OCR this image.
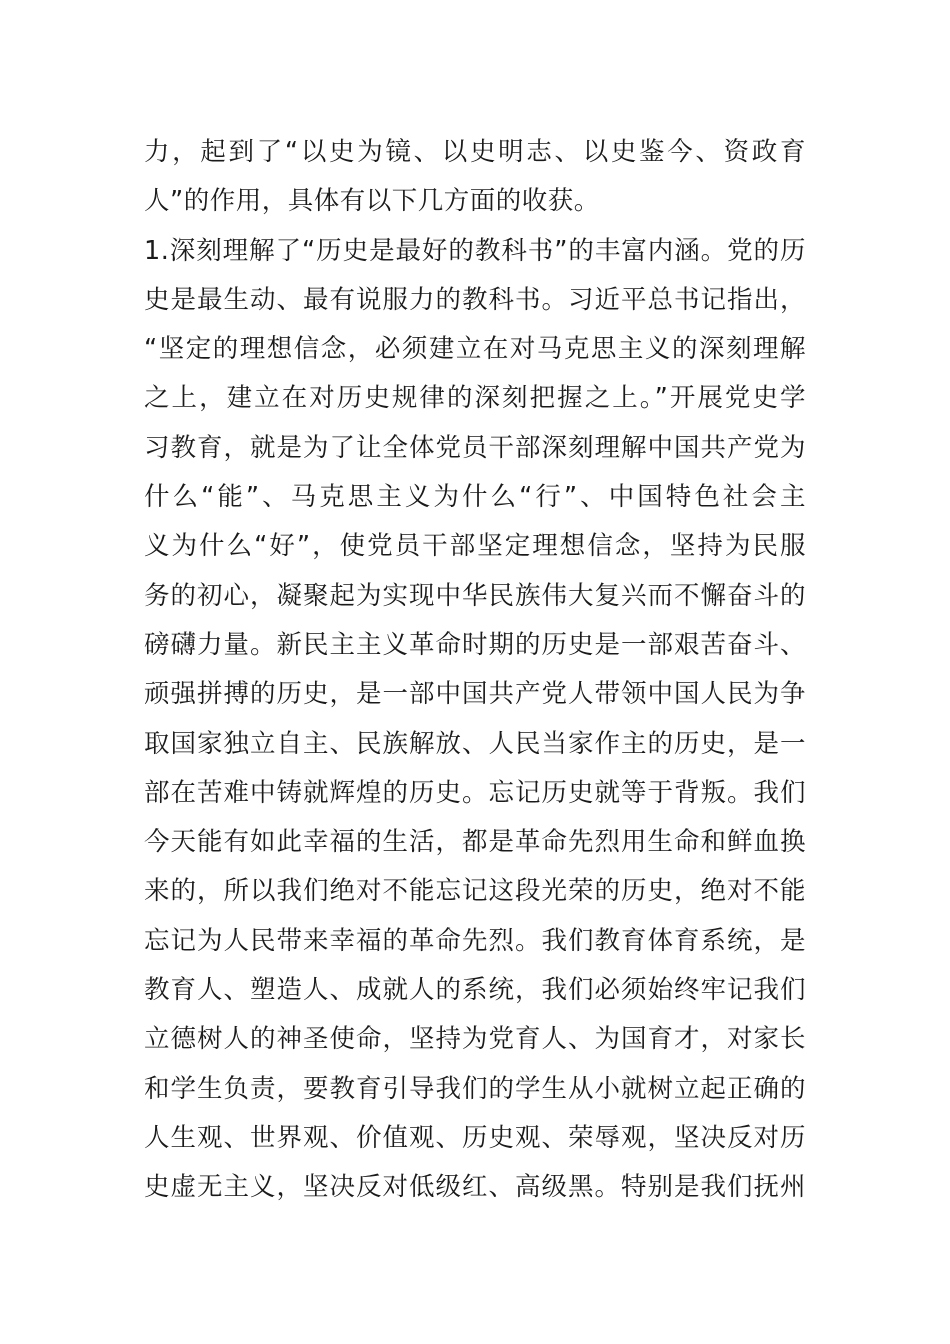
力，起到了“以史为镜、以史明志、以史鉴今、资政育
人”的作用，具体有以下几方面的收获。
1.深刻理解了“历史是最好的教科书”的丰富内涵。党的历
史是最生动、最有说服力的教科书。习近平总书记指出，
“坚定的理想信念，必须建立在对马克思主义的深刻理解
之上，建立在对历史规律的深刻把握之上。”开展党史学
习教育，就是为了让全体党员干部深刻理解中国共产党为
什么“能”、马克思主义为什么“行”、中国特色社会主
义为什么“好”，使党员干部坚定理想信念，坚持为民服
务的初心，凝聚起为实现中华民族伟大复兴而不懈奋斗的
磅礴力量。新民主主义革命时期的历史是一部艰苦奋斗、
顽强拼搏的历史，是一部中国共产党人带领中国人民为争
取国家独立自主、民族解放、人民当家作主的历史，是一
部在苦难中铸就辉煌的历史。忘记历史就等于背叛。我们
今天能有如此幸福的生活，都是革命先烈用生命和鲜血换
来的，所以我们绝对不能忘记这段光荣的历史，绝对不能
忘记为人民带来幸福的革命先烈。我们教育体育系统，是
教育人、塑造人、成就人的系统，我们必须始终牢记我们
立德树人的神圣使命，坚持为党育人、为国育才，对家长
和学生负责，要教育引导我们的学生从小就树立起正确的
人生观、世界观、价值观、历史观、荣辱观，坚决反对历
史虚无主义，坚决反对低级红、高级黑。特别是我们抚州
